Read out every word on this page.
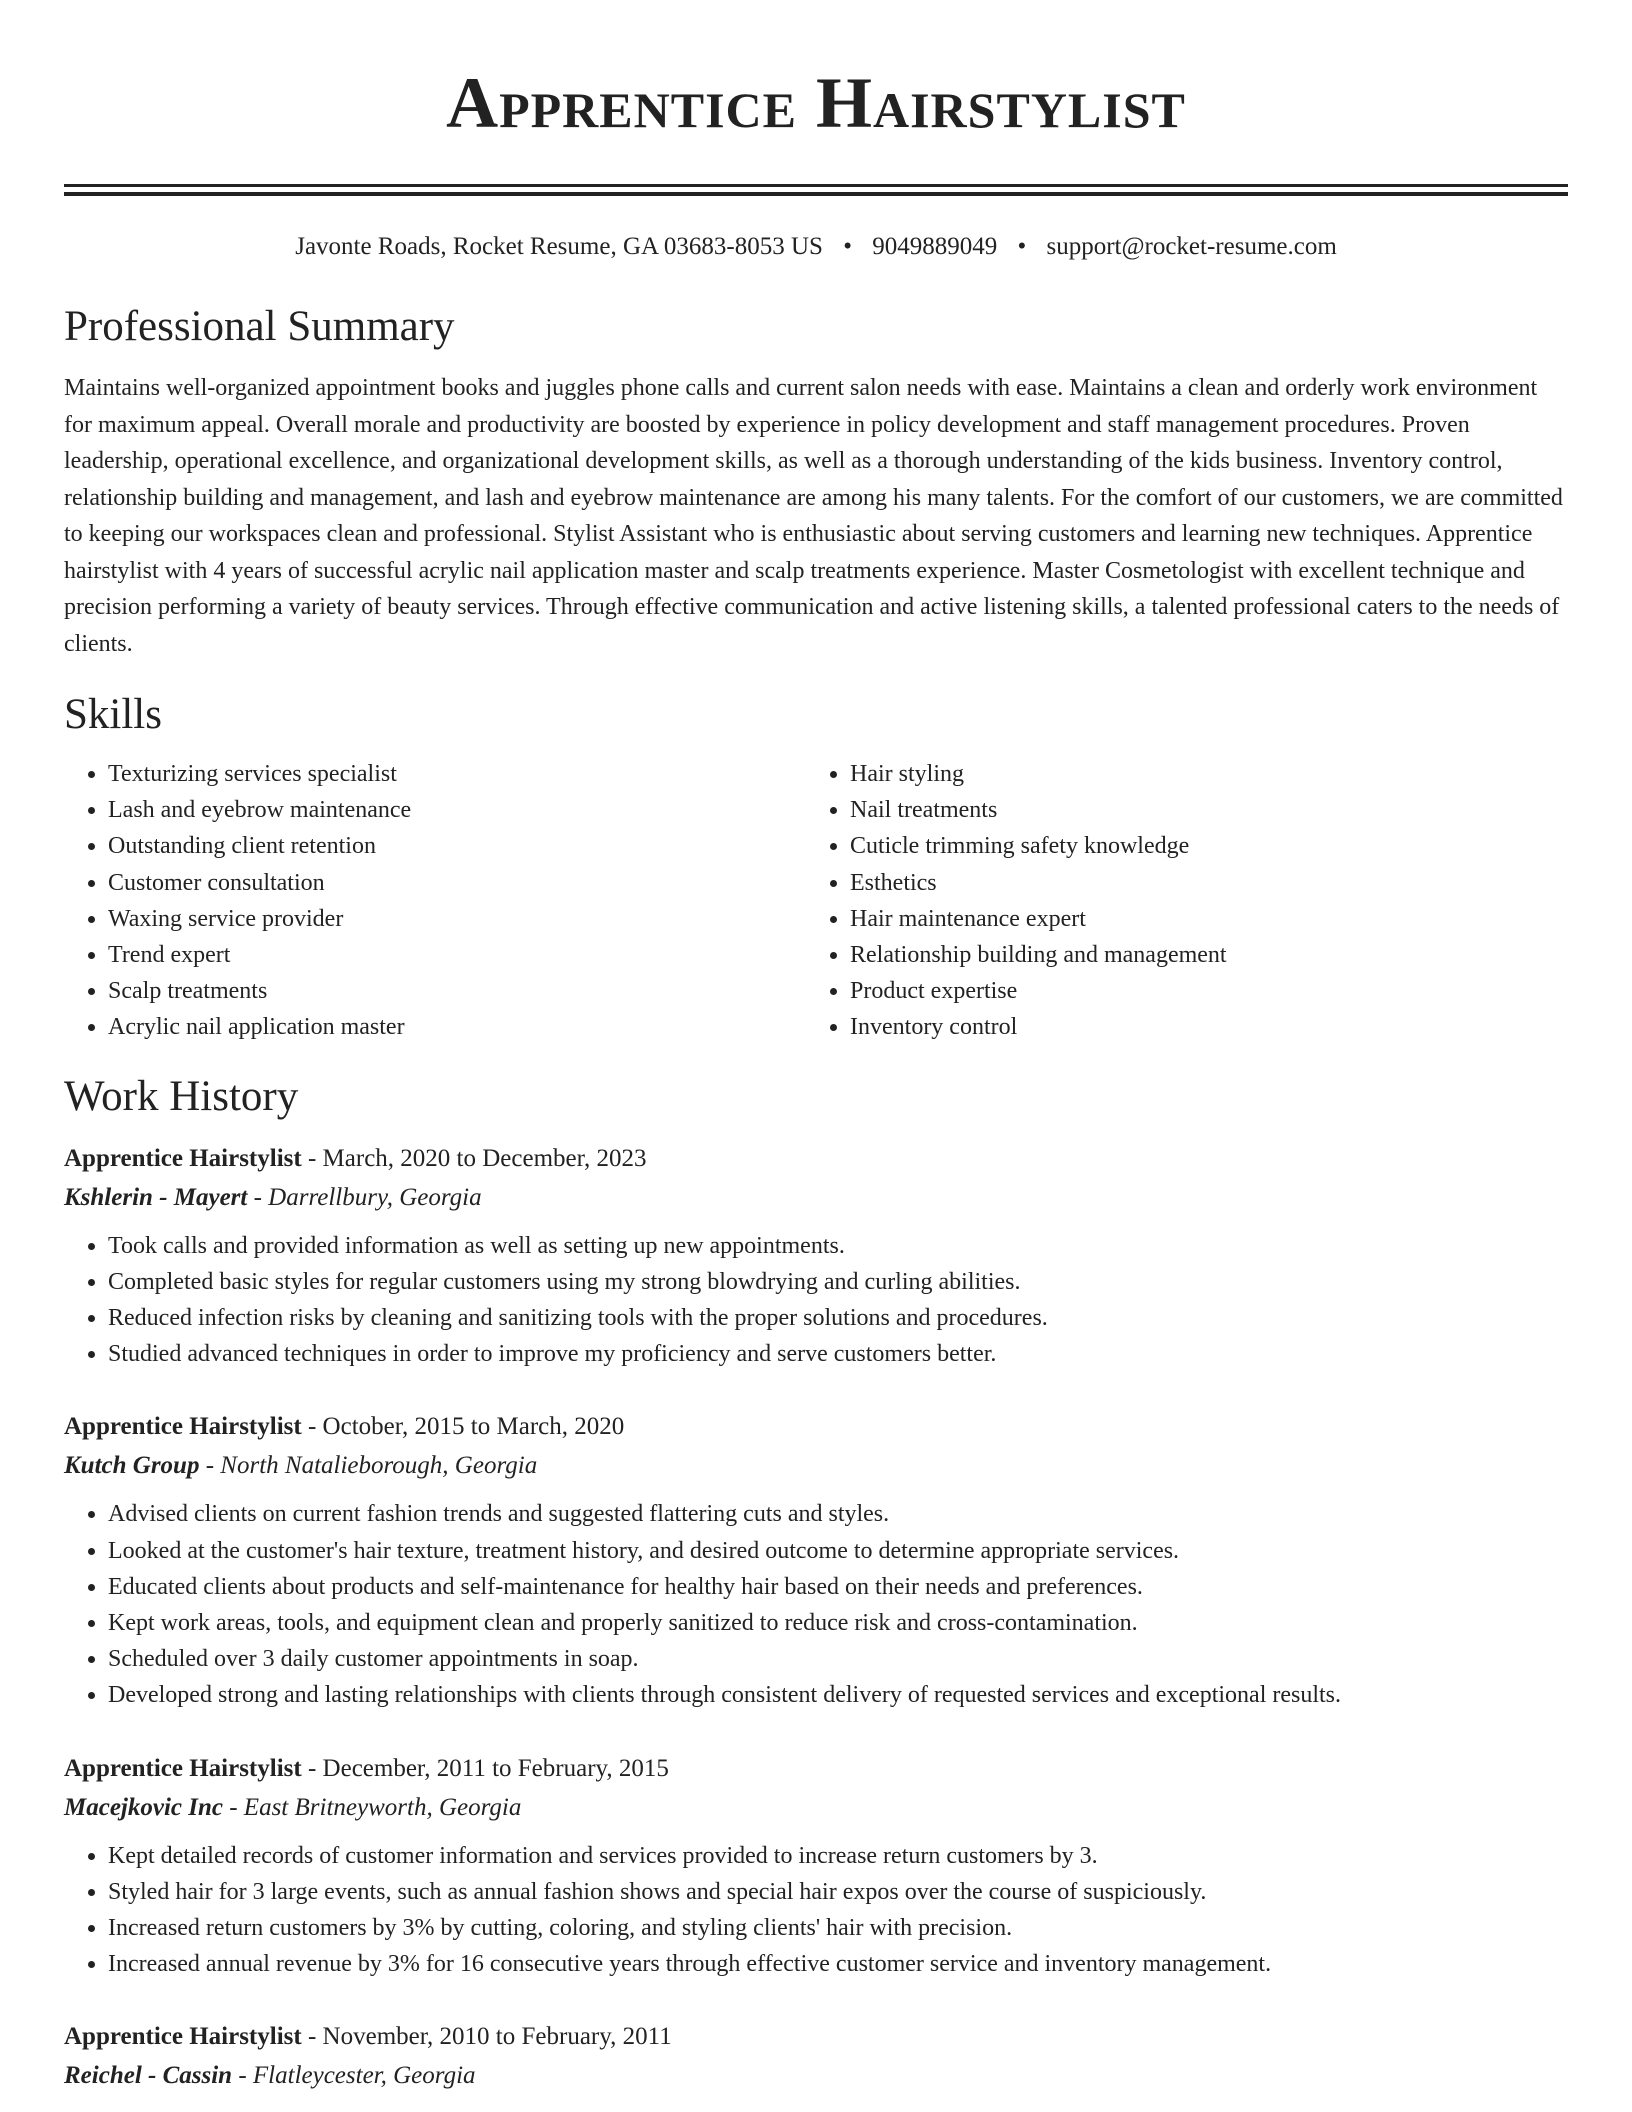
Apprentice Hairstylist
Javonte Roads, Rocket Resume, GA 03683-8053 US • 9049889049 • support@rocket-resume.com
Professional Summary
Maintains well-organized appointment books and juggles phone calls and current salon needs with ease. Maintains a clean and orderly work environment for maximum appeal. Overall morale and productivity are boosted by experience in policy development and staff management procedures. Proven leadership, operational excellence, and organizational development skills, as well as a thorough understanding of the kids business. Inventory control, relationship building and management, and lash and eyebrow maintenance are among his many talents. For the comfort of our customers, we are committed to keeping our workspaces clean and professional. Stylist Assistant who is enthusiastic about serving customers and learning new techniques. Apprentice hairstylist with 4 years of successful acrylic nail application master and scalp treatments experience. Master Cosmetologist with excellent technique and precision performing a variety of beauty services. Through effective communication and active listening skills, a talented professional caters to the needs of clients.
Skills
• Texturizing services specialist
• Lash and eyebrow maintenance
• Outstanding client retention
• Customer consultation
• Waxing service provider
• Trend expert
• Scalp treatments
• Acrylic nail application master
• Hair styling
• Nail treatments
• Cuticle trimming safety knowledge
• Esthetics
• Hair maintenance expert
• Relationship building and management
• Product expertise
• Inventory control
Work History
Apprentice Hairstylist - March, 2020 to December, 2023
Kshlerin - Mayert - Darrellbury, Georgia
• Took calls and provided information as well as setting up new appointments.
• Completed basic styles for regular customers using my strong blowdrying and curling abilities.
• Reduced infection risks by cleaning and sanitizing tools with the proper solutions and procedures.
• Studied advanced techniques in order to improve my proficiency and serve customers better.
Apprentice Hairstylist - October, 2015 to March, 2020
Kutch Group - North Natalieborough, Georgia
• Advised clients on current fashion trends and suggested flattering cuts and styles.
• Looked at the customer's hair texture, treatment history, and desired outcome to determine appropriate services.
• Educated clients about products and self-maintenance for healthy hair based on their needs and preferences.
• Kept work areas, tools, and equipment clean and properly sanitized to reduce risk and cross-contamination.
• Scheduled over 3 daily customer appointments in soap.
• Developed strong and lasting relationships with clients through consistent delivery of requested services and exceptional results.
Apprentice Hairstylist - December, 2011 to February, 2015
Macejkovic Inc - East Britneyworth, Georgia
• Kept detailed records of customer information and services provided to increase return customers by 3.
• Styled hair for 3 large events, such as annual fashion shows and special hair expos over the course of suspiciously.
• Increased return customers by 3% by cutting, coloring, and styling clients' hair with precision.
• Increased annual revenue by 3% for 16 consecutive years through effective customer service and inventory management.
Apprentice Hairstylist - November, 2010 to February, 2011
Reichel - Cassin - Flatleycester, Georgia
